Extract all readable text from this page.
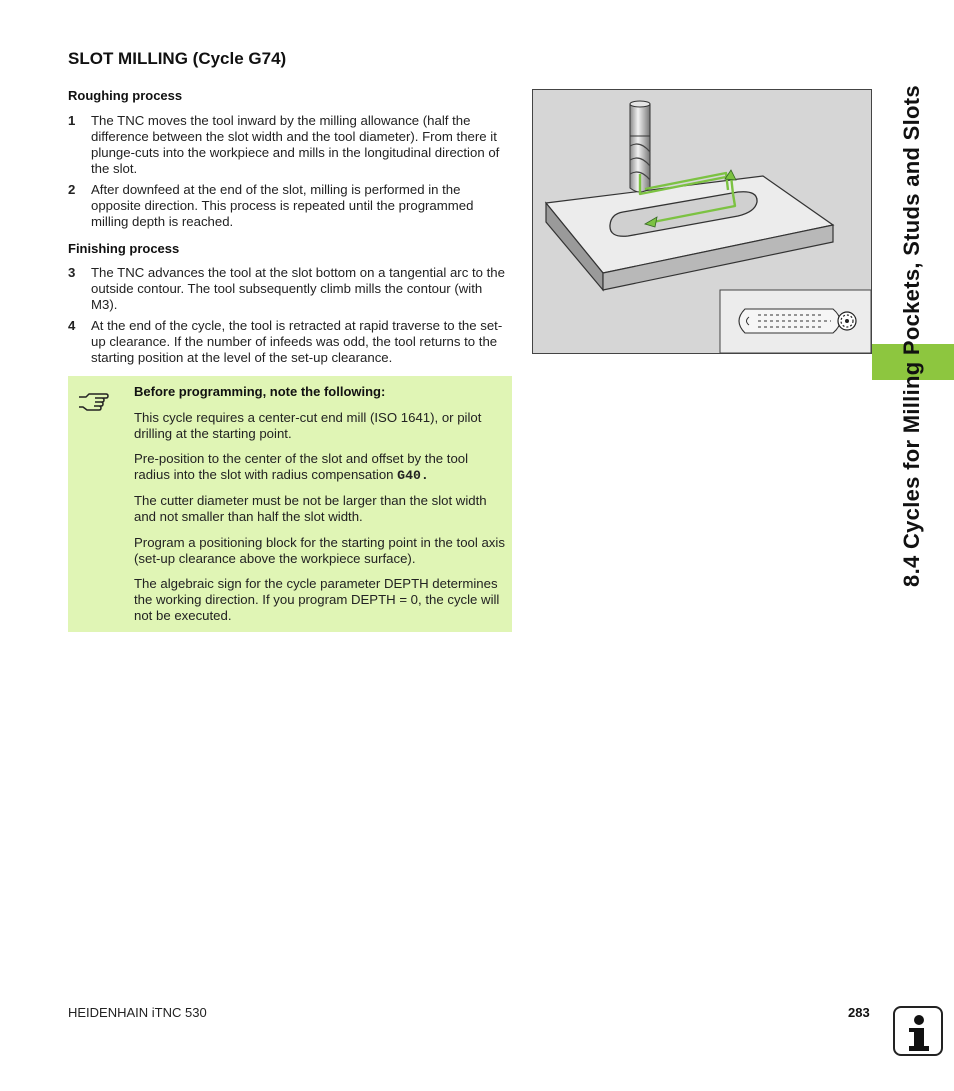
SLOT MILLING (Cycle G74)
Roughing process
1 The TNC moves the tool inward by the milling allowance (half the difference between the slot width and the tool diameter). From there it plunge-cuts into the workpiece and mills in the longitudinal direction of the slot.
2 After downfeed at the end of the slot, milling is performed in the opposite direction. This process is repeated until the programmed milling depth is reached.
Finishing process
3 The TNC advances the tool at the slot bottom on a tangential arc to the outside contour. The tool subsequently climb mills the contour (with M3).
4 At the end of the cycle, the tool is retracted at rapid traverse to the set-up clearance. If the number of infeeds was odd, the tool returns to the starting position at the level of the set-up clearance.
Before programming, note the following:
This cycle requires a center-cut end mill (ISO 1641), or pilot drilling at the starting point.
Pre-position to the center of the slot and offset by the tool radius into the slot with radius compensation G40.
The cutter diameter must be not be larger than the slot width and not smaller than half the slot width.
Program a positioning block for the starting point in the tool axis (set-up clearance above the workpiece surface).
The algebraic sign for the cycle parameter DEPTH determines the working direction. If you program DEPTH = 0, the cycle will not be executed.
8.4 Cycles for Milling Pockets, Studs and Slots
HEIDENHAIN iTNC 530	283
